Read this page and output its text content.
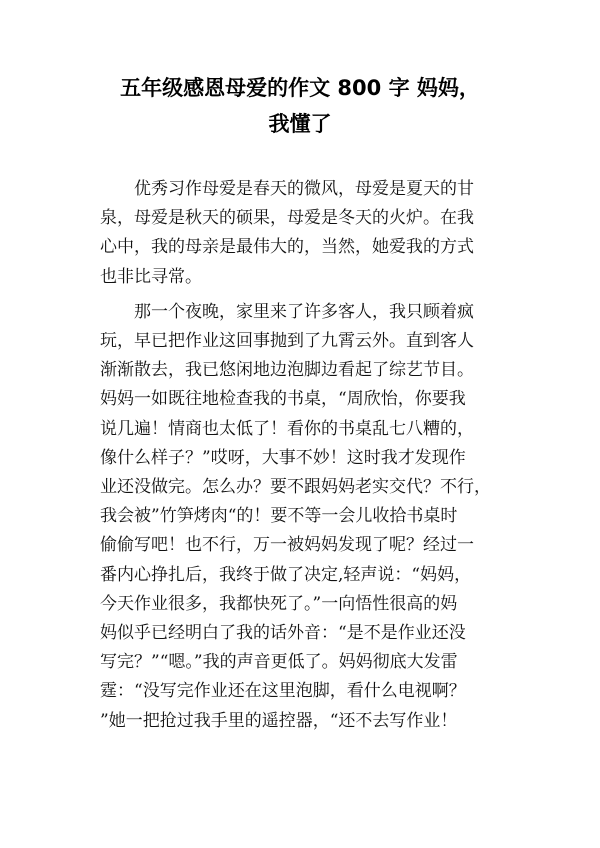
五年级感恩母爱的作文 800 字 妈妈，
我懂了

优秀习作母爱是春天的微风，母爱是夏天的甘
泉，母爱是秋天的硕果，母爱是冬天的火炉。在我
心中，我的母亲是最伟大的，当然，她爱我的方式
也非比寻常。

那一个夜晚，家里来了许多客人，我只顾着疯
玩，早已把作业这回事抛到了九霄云外。直到客人
渐渐散去，我已悠闲地边泡脚边看起了综艺节目。
妈妈一如既往地检查我的书桌，“周欣怡，你要我
说几遍！情商也太低了！看你的书桌乱七八糟的，
像什么样子？”哎呀，大事不妙！这时我才发现作
业还没做完。怎么办？要不跟妈妈老实交代？不行，
我会被”竹笋烤肉“的！要不等一会儿收拾书桌时
偷偷写吧！也不行，万一被妈妈发现了呢？经过一
番内心挣扎后，我终于做了决定,轻声说：“妈妈，
今天作业很多，我都快死了。”一向悟性很高的妈
妈似乎已经明白了我的话外音：“是不是作业还没
写完？”“嗯。”我的声音更低了。妈妈彻底大发雷
霆：“没写完作业还在这里泡脚，看什么电视啊？
”她一把抢过我手里的遥控器，“还不去写作业！
